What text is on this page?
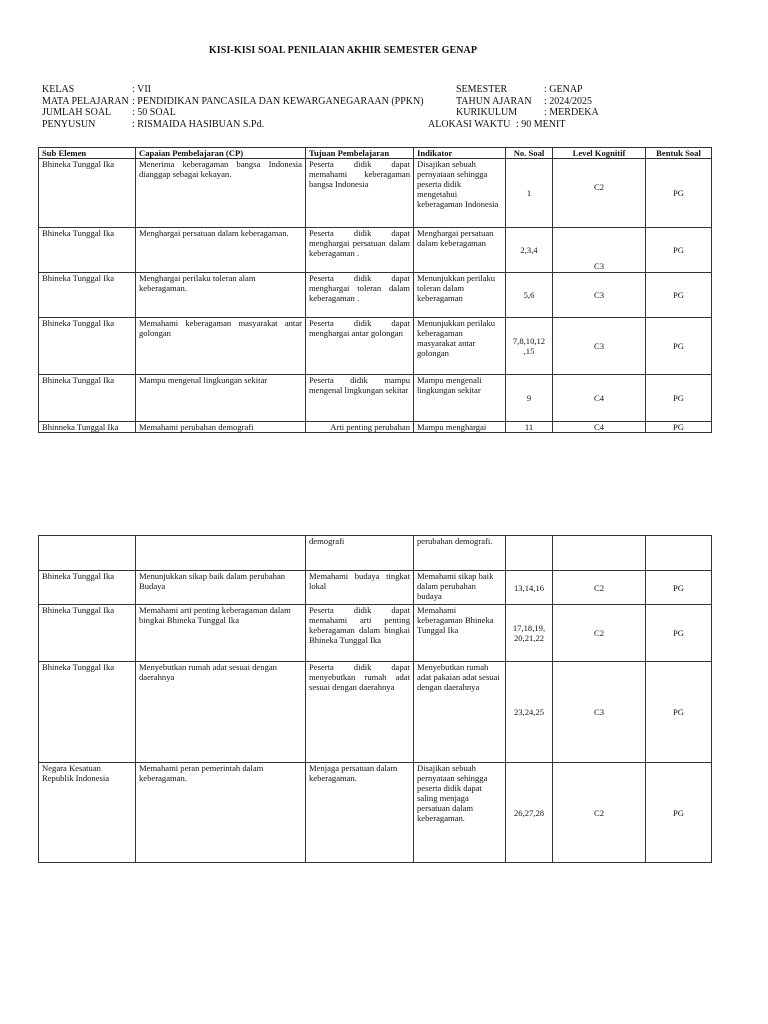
KISI-KISI SOAL PENILAIAN AKHIR SEMESTER GENAP
KELAS	: VII
MATA PELAJARAN : PENDIDIKAN PANCASILA DAN KEWARGANEGARAAN (PPKN)
JUMLAH SOAL : 50 SOAL
PENYUSUN	: RISMAIDA HASIBUAN S.Pd.
SEMESTER	: GENAP
TAHUN AJARAN : 2024/2025
KURIKULUM	: MERDEKA
ALOKASI WAKTU : 90 MENIT
Sub Elemen	Capaian Pembelajaran (CP)	Tujuan Pembelajaran	Indikator	No. Soal	Level Kognitif	Bentuk Soal
Bhineka Tunggal Ika	Menerima keberagaman bangsa Indonesia dianggap sebagai kekayan.	Peserta didik dapat memahami keberagaman bangsa Indonesia	Disajikan sebuah pernyataan sehingga peserta didik mengetahui keberagaman Indonesia	1	C2	PG
Bhineka Tunggal Ika	Menghargai persatuan dalam keberagaman.	Peserta didik dapat menghargai persatuan dalam keberagaman .	Menghargai persatuan dalam keberagaman	2,3,4	C3	PG
Bhineka Tunggal Ika	Menghargai perilaku toleran alam keberagaman.	Peserta didik dapat menghargai toleran dalam keberagaman .	Menunjukkan perilaku toleran dalam keberagaman	5,6	C3	PG
Bhineka Tunggal Ika	Memahami keberagaman masyarakat antar golongan	Peserta didik dapat menghargai antar golongan	Menunjukkan perilaku keberagaman masyarakat antar golongan	7,8,10,12 ,15	C3	PG
Bhineka Tunggal Ika	Mampu mengenal lingkungan sekitar	Peserta didik mampu mengenal lingkungan sekitar	Mampu mengenali lingkungan sekitar	9	C4	PG
Bhinneka Tunggal Ika	Memahami perubahan demografi	Arti penting perubahan	Mampu menghargai	11	C4	PG
		demografi	perubahan demografi.			
Bhineka Tunggal Ika	Menunjukkan sikap baik dalam perubahan Budaya	Memahami budaya tingkat lokal	Memahami sikap baik dalam perubahan budaya	13,14,16	C2	PG
Bhineka Tunggal Ika	Memahami arti penting keberagaman dalam bingkai Bhineka Tunggal Ika	Peserta didik dapat memahami arti penting keberagaman dalam bingkai Bhineka Tunggal Ika	Memahami keberagaman Bhineka Tunggal Ika	17,18,19, 20,21,22	C2	PG
Bhineka Tunggal Ika	Menyebutkan rumah adat sesuai dengan daerahnya	Peserta didik dapat menyebutkan rumah adat sesuai dengan daerahnya	Menyebutkan rumah adat pakaian adat sesuai dengan daerahnya	23,24,25	C3	PG
Negara Kesatuan Republik Indonesia	Memahami peran pemerintah dalam keberagaman.	Menjaga persatuan dalam keberagaman.	Disajikan sebuah pernyataan sehingga peserta didik dapat saling menjaga persatuan dalam keberagaman.	26,27,28	C2	PG
